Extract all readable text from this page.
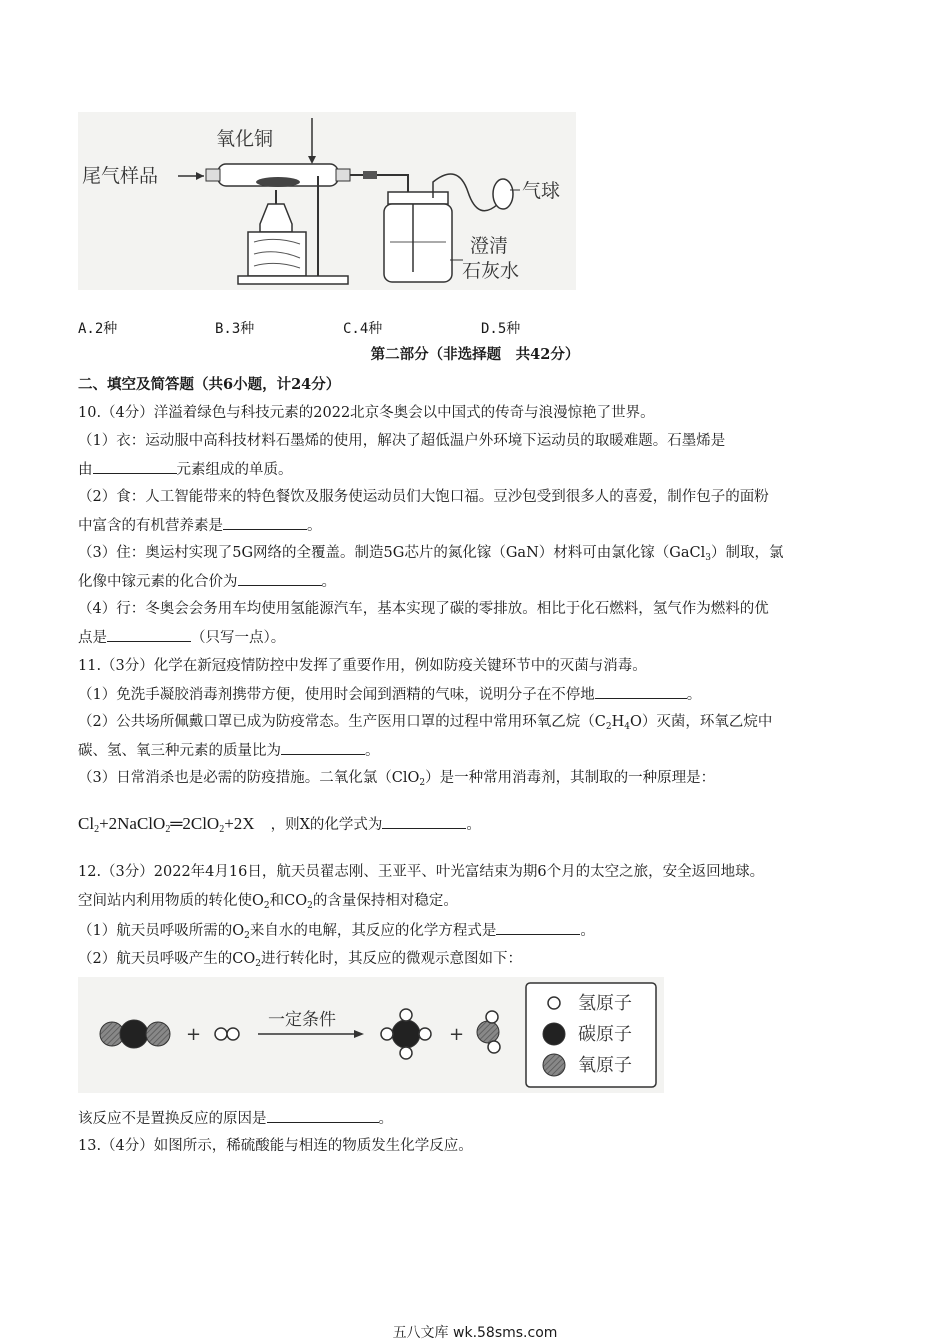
尾气样品
氧化铜
气球
澄清
石灰水
A.2种	B.3种	C.4种	D.5种
第二部分（非选择题　共42分）
二、填空及简答题（共6小题，计24分）
10.（4分）洋溢着绿色与科技元素的2022北京冬奥会以中国式的传奇与浪漫惊艳了世界。
（1）衣：运动服中高科技材料石墨烯的使用，解决了超低温户外环境下运动员的取暖难题。石墨烯是
由	元素组成的单质。
（2）食：人工智能带来的特色餐饮及服务使运动员们大饱口福。豆沙包受到很多人的喜爱，制作包子的面粉
中富含的有机营养素是	。
（3）住：奥运村实现了5G网络的全覆盖。制造5G芯片的氮化镓（GaN）材料可由氯化镓（GaCl$_3$）制取，氯
化像中镓元素的化合价为	。
（4）行：冬奥会会务用车均使用氢能源汽车，基本实现了碳的零排放。相比于化石燃料，氢气作为燃料的优
点是	（只写一点）。
11.（3分）化学在新冠疫情防控中发挥了重要作用，例如防疫关键环节中的灭菌与消毒。
（1）免洗手凝胶消毒剂携带方便，使用时会闻到酒精的气味，说明分子在不停地	。
（2）公共场所佩戴口罩已成为防疫常态。生产医用口罩的过程中常用环氧乙烷$(C_2H_4O)$灭菌，环氧乙烷中
碳、氢、氧三种元素的质量比为	。
（3）日常消杀也是必需的防疫措施。二氧化氯（ClO$_2$）是一种常用消毒剂，其制取的一种原理是：
$Cl_2+2NaClO_2═2ClO_2+2X$ ，则X的化学式为	。
12.（3分）2022年4月16日，航天员翟志刚、王亚平、叶光富结束为期6个月的太空之旅，安全返回地球。
空间站内利用物质的转化使$O_2$和$CO_2$的含量保持相对稳定。
（1）航天员呼吸所需的$O_2$来自水的电解，其反应的化学方程式是	。
（2）航天员呼吸产生的$CO_2$进行转化时，其反应的微观示意图如下：
+
一定条件
+
氢原子
碳原子
氧原子
该反应不是置换反应的原因是	。
13.（4分）如图所示，稀硫酸能与相连的物质发生化学反应。
五八文库 wk.58sms.com
